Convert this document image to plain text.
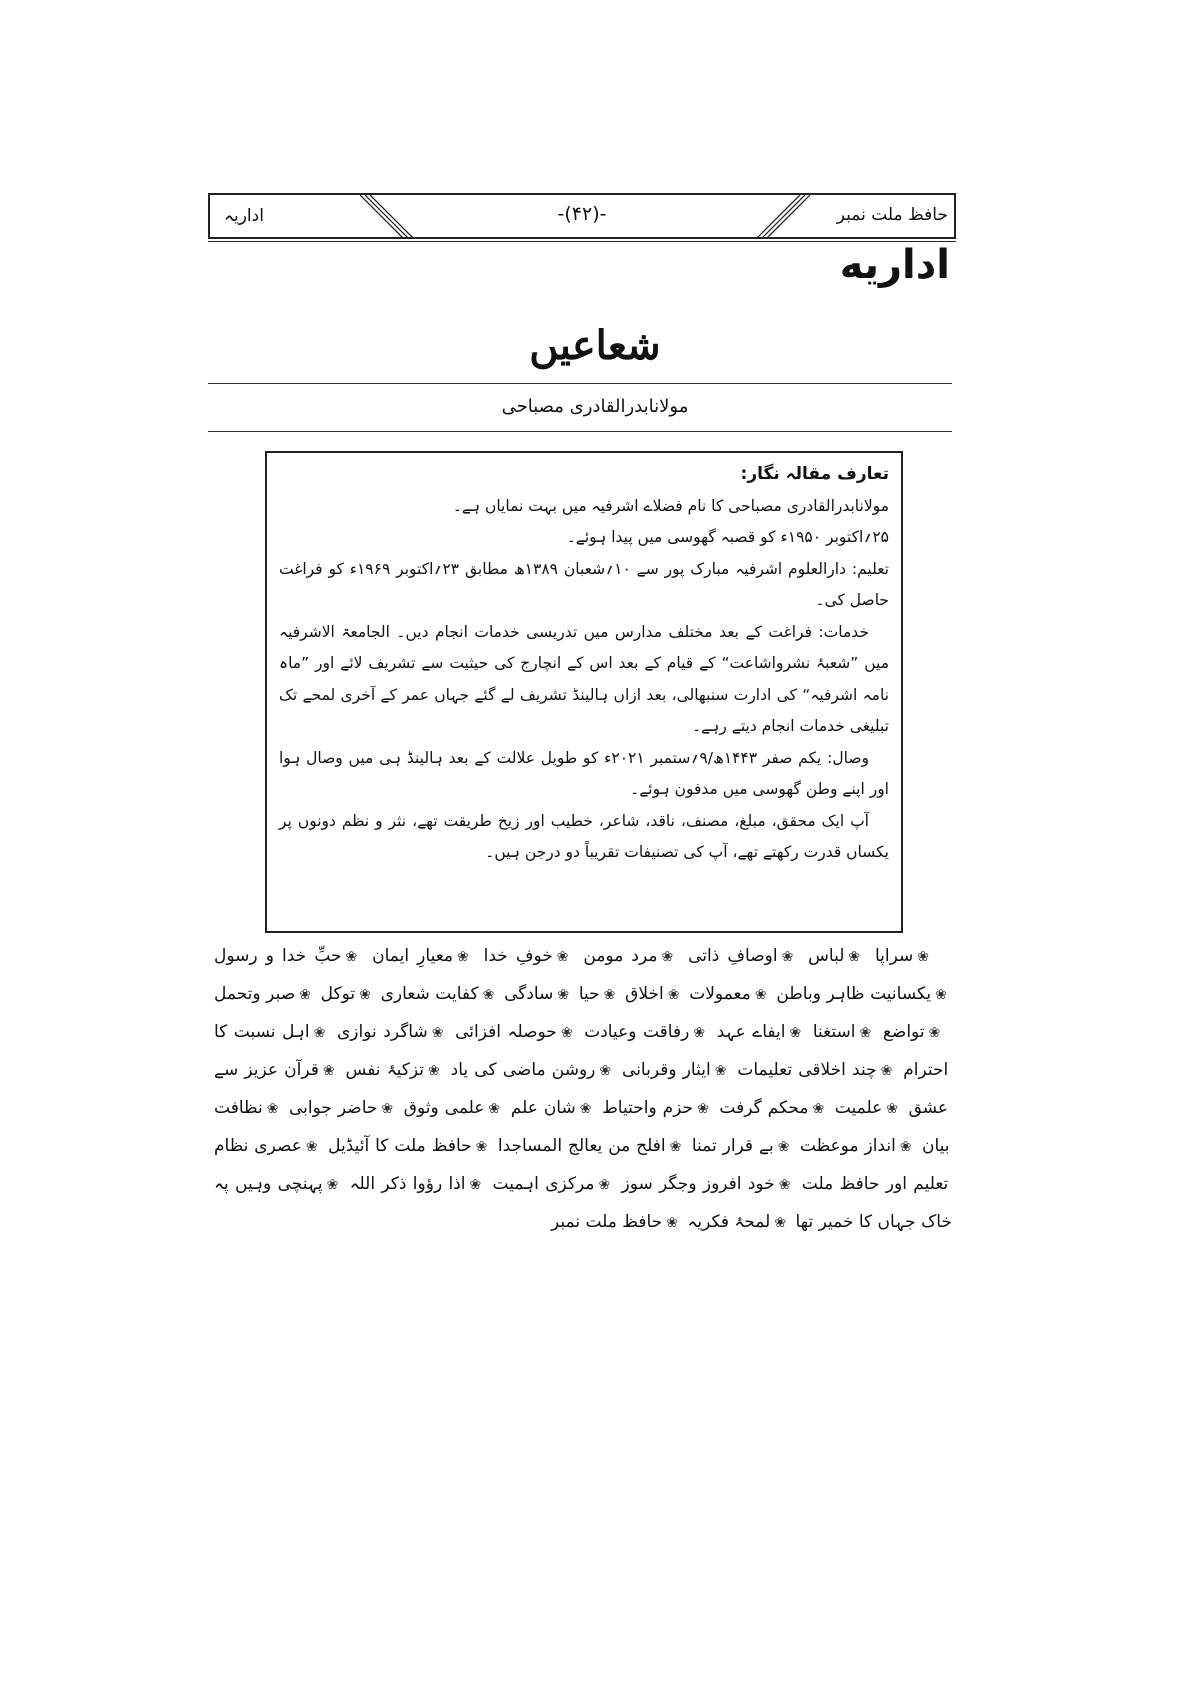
حافظ ملت نمبر
-(۴۲)-
اداریہ
اداریه
شعاعیں
مولانابدرالقادری مصباحی
تعارف مقالہ نگار:

مولانابدرالقادری مصباحی کا نام فضلاے اشرفیہ میں بہت نمایاں ہے۔

۲۵؍اکتوبر ۱۹۵۰ء کو قصبہ گھوسی میں پیدا ہوئے۔

تعلیم: دارالعلوم اشرفیہ مبارک پور سے ۱۰؍شعبان ۱۳۸۹ھ مطابق ۲۳؍اکتوبر ۱۹۶۹ء کو فراغت حاصل کی۔

خدمات: فراغت کے بعد مختلف مدارس میں تدریسی خدمات انجام دیں۔ الجامعۃ الاشرفیہ میں ”شعبۂ نشرواشاعت“ کے قیام کے بعد اس کے انچارج کی حیثیت سے تشریف لائے اور ”ماہ نامہ اشرفیہ“ کی ادارت سنبھالی، بعد ازاں ہالینڈ تشریف لے گئے جہاں عمر کے آخری لمحے تک تبلیغی خدمات انجام دیتے رہے۔

وصال: یکم صفر ۱۴۴۳ھ/۹؍ستمبر ۲۰۲۱ء کو طویل علالت کے بعد ہالینڈ ہی میں وصال ہوا اور اپنے وطن گھوسی میں مدفون ہوئے۔

آپ ایک محقق، مبلغ، مصنف، ناقد، شاعر، خطیب اور زیخ طریقت تھے، نثر و نظم دونوں پر یکساں قدرت رکھتے تھے، آپ کی تصنیفات تقریباً دو درجن ہیں۔

❀سراپا ❀لباس ❀اوصافِ ذاتی ❀مرد مومن ❀خوفِ خدا ❀معیارِ ایمان ❀حبِّ خدا و رسول ❀یکسانیت ظاہر وباطن ❀معمولات ❀اخلاق ❀حیا ❀سادگی ❀کفایت شعاری ❀توکل ❀صبر وتحمل ❀تواضع ❀استغنا ❀ایفاے عہد ❀رفاقت وعیادت ❀حوصلہ افزائی ❀شاگرد نوازی ❀اہل نسبت کا احترام ❀چند اخلاقی تعلیمات ❀ایثار وقربانی ❀روشن ماضی کی یاد ❀تزکیۂ نفس ❀قرآن عزیز سے عشق ❀علمیت ❀محکم گرفت ❀حزم واحتیاط ❀شان علم ❀علمی وثوق ❀حاضر جوابی ❀نظافت بیان ❀انداز موعظت ❀بے قرار تمنا ❀افلح من یعالج المساجدا ❀حافظ ملت کا آئیڈیل ❀عصری نظام تعلیم اور حافظ ملت ❀خود افروز وجگر سوز ❀مرکزی اہمیت ❀اذا رؤوا ذکر اللہ ❀پہنچی وہیں پہ خاک جہاں کا خمیر تھا ❀لمحۂ فکریہ ❀حافظ ملت نمبر
